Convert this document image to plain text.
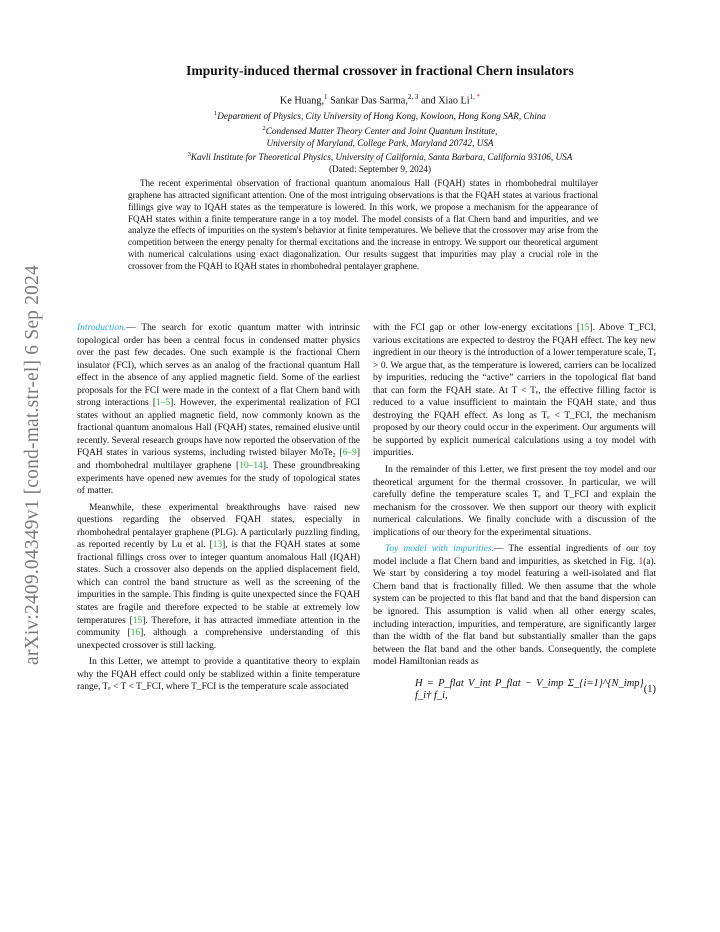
arXiv:2409.04349v1 [cond-mat.str-el] 6 Sep 2024
Impurity-induced thermal crossover in fractional Chern insulators
Ke Huang,$^1$ Sankar Das Sarma,$^{2, 3}$ and Xiao $Li^{1, *}$
$^1$Department of Physics, City University of Hong Kong, Kowloon, Hong Kong SAR, China
$^2$Condensed Matter Theory Center and Joint Quantum Institute,
University of Maryland, College Park, Maryland 20742, USA
$^3$Kavli Institute for Theoretical Physics, University of California, Santa Barbara, California 93106, USA
(Dated: September 9, 2024)
The recent experimental observation of fractional quantum anomalous Hall (FQAH) states in rhombohedral multilayer graphene has attracted significant attention. One of the most intriguing observations is that the FQAH states at various fractional fillings give way to IQAH states as the temperature is lowered. In this work, we propose a mechanism for the appearance of FQAH states within a finite temperature range in a toy model. The model consists of a flat Chern band and impurities, and we analyze the effects of impurities on the system's behavior at finite temperatures. We believe that the crossover may arise from the competition between the energy penalty for thermal excitations and the increase in entropy. We support our theoretical argument with numerical calculations using exact diagonalization. Our results suggest that impurities may play a crucial role in the crossover from the FQAH to IQAH states in rhombohedral pentalayer graphene.

Introduction.— The search for exotic quantum matter with intrinsic topological order has been a central focus in condensed matter physics over the past few decades. One such example is the fractional Chern insulator (FCI), which serves as an analog of the fractional quantum Hall effect in the absence of any applied magnetic field. Some of the earliest proposals for the FCI were made in the context of a flat Chern band with strong interactions [1–5]. However, the experimental realization of FCI states without an applied magnetic field, now commonly known as the fractional quantum anomalous Hall (FQAH) states, remained elusive until recently. Several research groups have now reported the observation of the FQAH states in various systems, including twisted bilayer MoTe₂ [6–9] and rhombohedral multilayer graphene [10–14]. These groundbreaking experiments have opened new avenues for the study of topological states of matter.

Meanwhile, these experimental breakthroughs have raised new questions regarding the observed FQAH states, especially in rhombohedral pentalayer graphene (PLG). A particularly puzzling finding, as reported recently by Lu et al. [13], is that the FQAH states at some fractional fillings cross over to integer quantum anomalous Hall (IQAH) states. Such a crossover also depends on the applied displacement field, which can control the band structure as well as the screening of the impurities in the sample. This finding is quite unexpected since the FQAH states are fragile and therefore expected to be stable at extremely low temperatures [15]. Therefore, it has attracted immediate attention in the community [16], although a comprehensive understanding of this unexpected crossover is still lacking.

In this Letter, we attempt to provide a quantitative theory to explain why the FQAH effect could only be stablized within a finite temperature range, Tₑ < T < T_FCI, where T_FCI is the temperature scale associated

with the FCI gap or other low-energy excitations [15]. Above T_FCI, various excitations are expected to destroy the FQAH effect. The key new ingredient in our theory is the introduction of a lower temperature scale, Tₑ > 0. We argue that, as the temperature is lowered, carriers can be localized by impurities, reducing the “active” carriers in the topological flat band that can form the FQAH state. At T < Tₑ, the effective filling factor is reduced to a value insufficient to maintain the FQAH state, and thus destroying the FQAH effect. As long as Tₑ < T_FCI, the mechanism proposed by our theory could occur in the experiment. Our arguments will be supported by explicit numerical calculations using a toy model with impurities.

In the remainder of this Letter, we first present the toy model and our theoretical argument for the thermal crossover. In particular, we will carefully define the temperature scales Tₑ and T_FCI and explain the mechanism for the crossover. We then support our theory with explicit numerical calculations. We finally conclude with a discussion of the implications of our theory for the experimental situations.

Toy model with impurities.— The essential ingredients of our toy model include a flat Chern band and impurities, as sketched in Fig. 1(a). We start by considering a toy model featuring a well-isolated and flat Chern band that is fractionally filled. We then assume that the whole system can be projected to this flat band and that the band dispersion can be ignored. This assumption is valid when all other energy scales, including interaction, impurities, and temperature, are significantly larger than the width of the flat band but substantially smaller than the gaps between the flat band and the other bands. Consequently, the complete model Hamiltonian reads as

H = P_flat V_int P_flat − V_imp Σ_{i=1}^{N_imp} f_i† f_i,
(1)
